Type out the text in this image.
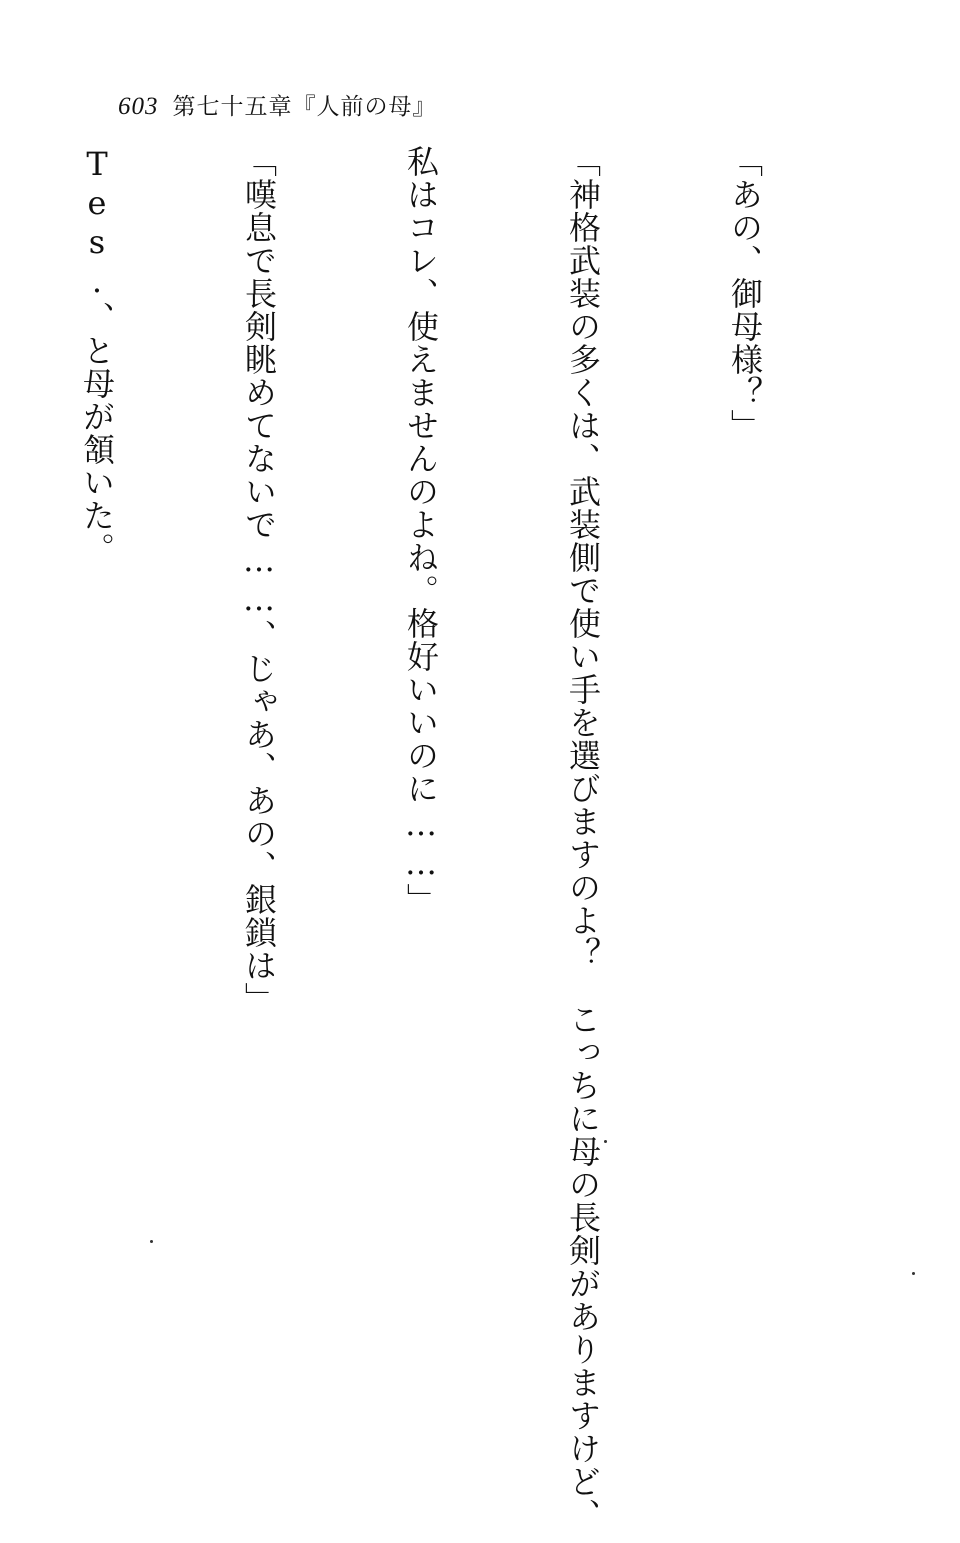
603 第七十五章『人前の母』

「あの、御母様？」

「神格武装の多くは、武装側で使い手を選びますのよ？　こっちに母の長剣がありますけど、

私はコレ、使えませんのよね。格好いいのに……」

「嘆息で長剣眺めてないで……、じゃあ、あの、銀鎖は」

Tes.、と母が頷いた。
